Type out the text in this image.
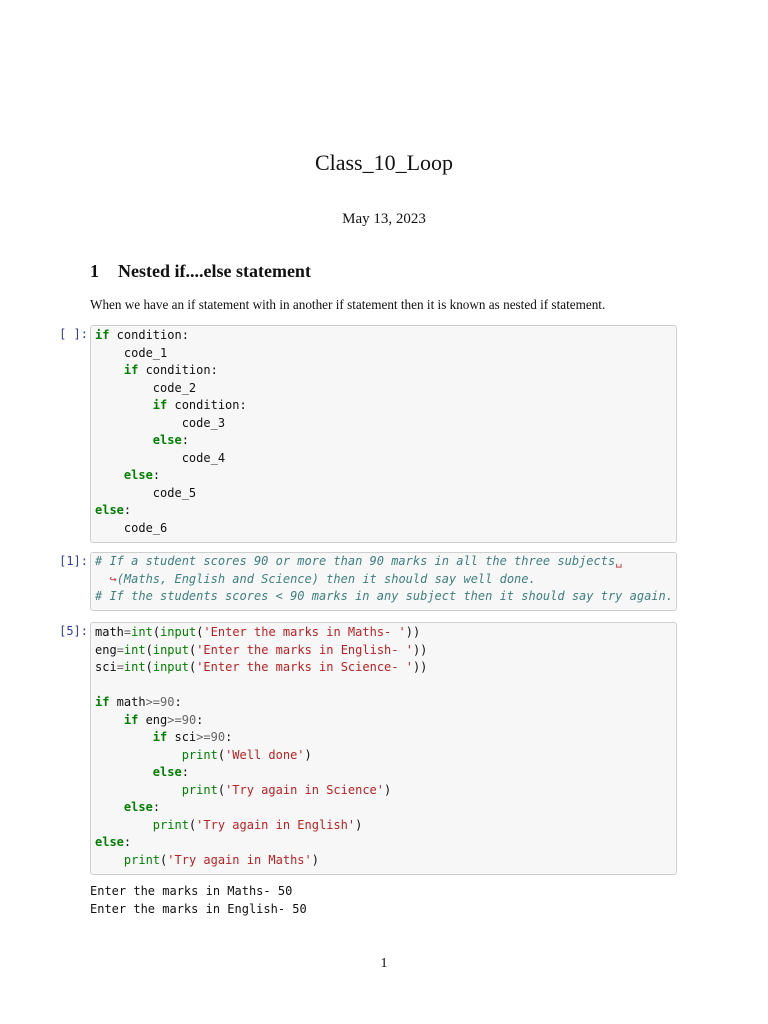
Class_10_Loop
May 13, 2023
1 Nested if....else statement
When we have an if statement with in another if statement then it is known as nested if statement.
[ ]: if condition:
code_1
if condition:
code_2
if condition:
code_3
else:
code_4
else:
code_5
else:
code_6
[1]: # If a student scores 90 or more than 90 marks in all the three subjects␣
↪(Maths, English and Science) then it should say well done.
# If the students scores < 90 marks in any subject then it should say try again.
[5]: math=int(input('Enter the marks in Maths- '))
eng=int(input('Enter the marks in English- '))
sci=int(input('Enter the marks in Science- '))
if math>=90:
if eng>=90:
if sci>=90:
print('Well done')
else:
print('Try again in Science')
else:
print('Try again in English')
else:
print('Try again in Maths')
Enter the marks in Maths- 50
Enter the marks in English- 50
1
